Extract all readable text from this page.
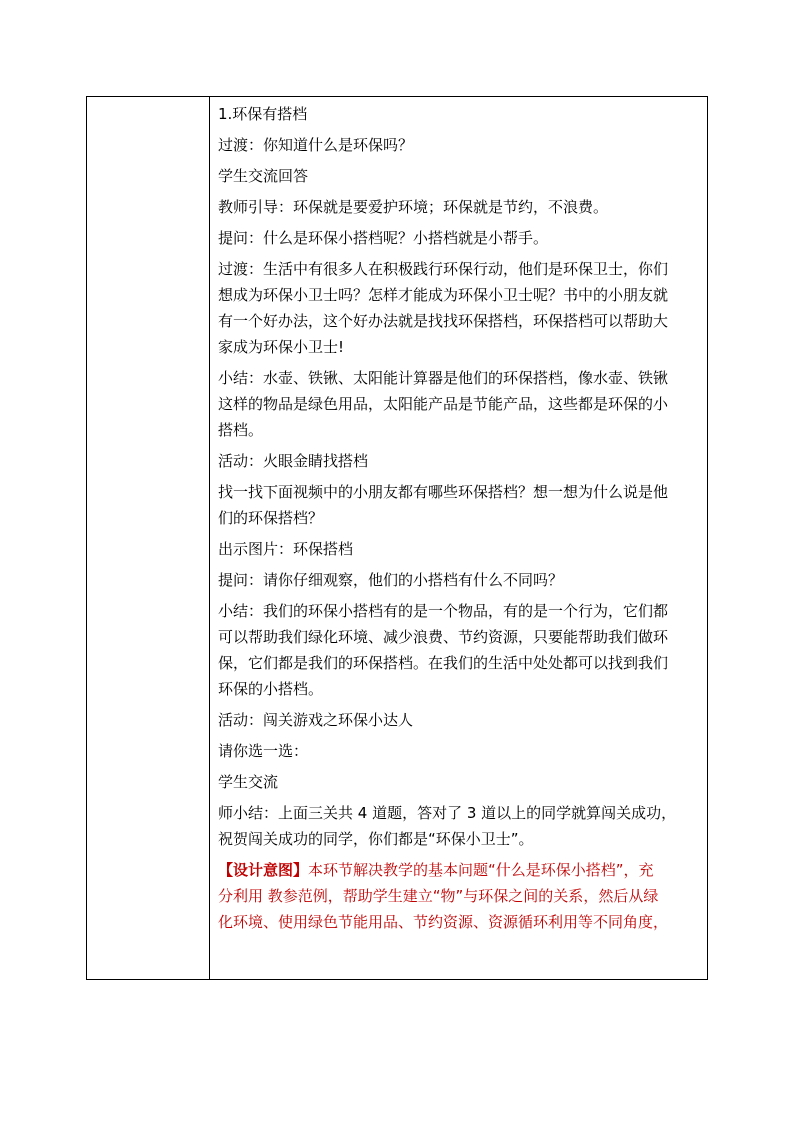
1.环保有搭档
过渡：你知道什么是环保吗？
学生交流回答
教师引导：环保就是要爱护环境；环保就是节约，不浪费。
提问：什么是环保小搭档呢？小搭档就是小帮手。
过渡：生活中有很多人在积极践行环保行动，他们是环保卫士，你们
想成为环保小卫士吗？怎样才能成为环保小卫士呢？书中的小朋友就
有一个好办法，这个好办法就是找找环保搭档，环保搭档可以帮助大
家成为环保小卫士!
小结：水壶、铁锹、太阳能计算器是他们的环保搭档，像水壶、铁锹
这样的物品是绿色用品，太阳能产品是节能产品，这些都是环保的小
搭档。
活动：火眼金睛找搭档
找一找下面视频中的小朋友都有哪些环保搭档？想一想为什么说是他
们的环保搭档？
出示图片：环保搭档
提问：请你仔细观察，他们的小搭档有什么不同吗？
小结：我们的环保小搭档有的是一个物品，有的是一个行为，它们都
可以帮助我们绿化环境、减少浪费、节约资源，只要能帮助我们做环
保，它们都是我们的环保搭档。在我们的生活中处处都可以找到我们
环保的小搭档。
活动：闯关游戏之环保小达人
请你选一选：
学生交流
师小结：上面三关共 4 道题，答对了 3 道以上的同学就算闯关成功，
祝贺闯关成功的同学，你们都是“环保小卫士”。
【设计意图】本环节解决教学的基本问题“什么是环保小搭档”，充
分利用 教参范例，帮助学生建立“物”与环保之间的关系，然后从绿
化环境、使用绿色节能用品、节约资源、资源循环利用等不同角度，
